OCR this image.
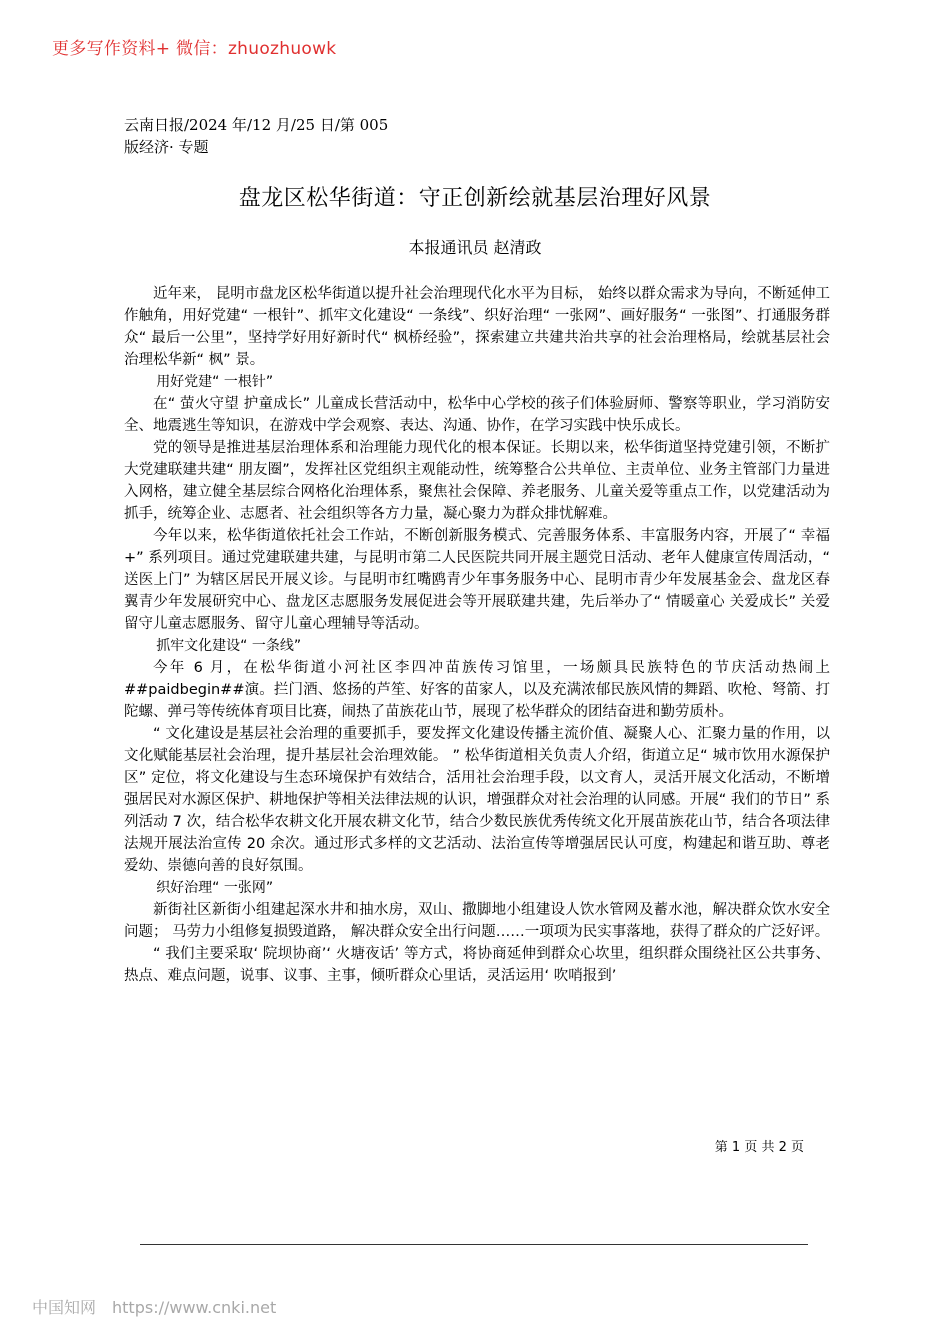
更多写作资料+ 微信：zhuozhuowk
云南日报/2024 年/12 月/25 日/第 005
版经济· 专题
盘龙区松华街道：守正创新绘就基层治理好风景
本报通讯员 赵清政

近年来， 昆明市盘龙区松华街道以提升社会治理现代化水平为目标， 始终以群众需求为导向，不断延伸工作触角，用好党建“ 一根针”、抓牢文化建设“ 一条线”、织好治理“ 一张网”、画好服务“ 一张图”、打通服务群众“ 最后一公里”，坚持学好用好新时代“ 枫桥经验”，探索建立共建共治共享的社会治理格局，绘就基层社会治理松华新“ 枫” 景。

用好党建“ 一根针”

在“ 萤火守望 护童成长” 儿童成长营活动中，松华中心学校的孩子们体验厨师、警察等职业，学习消防安全、地震逃生等知识，在游戏中学会观察、表达、沟通、协作，在学习实践中快乐成长。

党的领导是推进基层治理体系和治理能力现代化的根本保证。长期以来，松华街道坚持党建引领，不断扩大党建联建共建“ 朋友圈”，发挥社区党组织主观能动性，统筹整合公共单位、主责单位、业务主管部门力量进入网格，建立健全基层综合网格化治理体系，聚焦社会保障、养老服务、儿童关爱等重点工作，以党建活动为抓手，统筹企业、志愿者、社会组织等各方力量，凝心聚力为群众排忧解难。

今年以来，松华街道依托社会工作站，不断创新服务模式、完善服务体系、丰富服务内容，开展了“ 幸福+” 系列项目。通过党建联建共建，与昆明市第二人民医院共同开展主题党日活动、老年人健康宣传周活动，“ 送医上门” 为辖区居民开展义诊。与昆明市红嘴鸥青少年事务服务中心、昆明市青少年发展基金会、盘龙区春翼青少年发展研究中心、盘龙区志愿服务发展促进会等开展联建共建，先后举办了“ 情暖童心 关爱成长” 关爱留守儿童志愿服务、留守儿童心理辅导等活动。

抓牢文化建设“ 一条线”

今年 6 月，在松华街道小河社区李四冲苗族传习馆里，一场颇具民族特色的节庆活动热闹上##paidbegin##演。拦门酒、悠扬的芦笙、好客的苗家人，以及充满浓郁民族风情的舞蹈、吹枪、弩箭、打陀螺、弹弓等传统体育项目比赛，闹热了苗族花山节，展现了松华群众的团结奋进和勤劳质朴。

“ 文化建设是基层社会治理的重要抓手，要发挥文化建设传播主流价值、凝聚人心、汇聚力量的作用，以文化赋能基层社会治理，提升基层社会治理效能。 ” 松华街道相关负责人介绍，街道立足“ 城市饮用水源保护区” 定位，将文化建设与生态环境保护有效结合，活用社会治理手段，以文育人，灵活开展文化活动，不断增强居民对水源区保护、耕地保护等相关法律法规的认识，增强群众对社会治理的认同感。开展“ 我们的节日” 系列活动 7 次，结合松华农耕文化开展农耕文化节，结合少数民族优秀传统文化开展苗族花山节，结合各项法律法规开展法治宣传 20 余次。通过形式多样的文艺活动、法治宣传等增强居民认可度，构建起和谐互助、尊老爱幼、崇德向善的良好氛围。

织好治理“ 一张网”

新街社区新街小组建起深水井和抽水房，双山、撒脚地小组建设人饮水管网及蓄水池，解决群众饮水安全问题； 马劳力小组修复损毁道路， 解决群众安全出行问题……一项项为民实事落地，获得了群众的广泛好评。

“ 我们主要采取‘ 院坝协商’‘ 火塘夜话’ 等方式，将协商延伸到群众心坎里，组织群众围绕社区公共事务、热点、难点问题，说事、议事、主事，倾听群众心里话，灵活运用‘ 吹哨报到’

第 1 页 共 2 页
中国知网 https://www.cnki.net
